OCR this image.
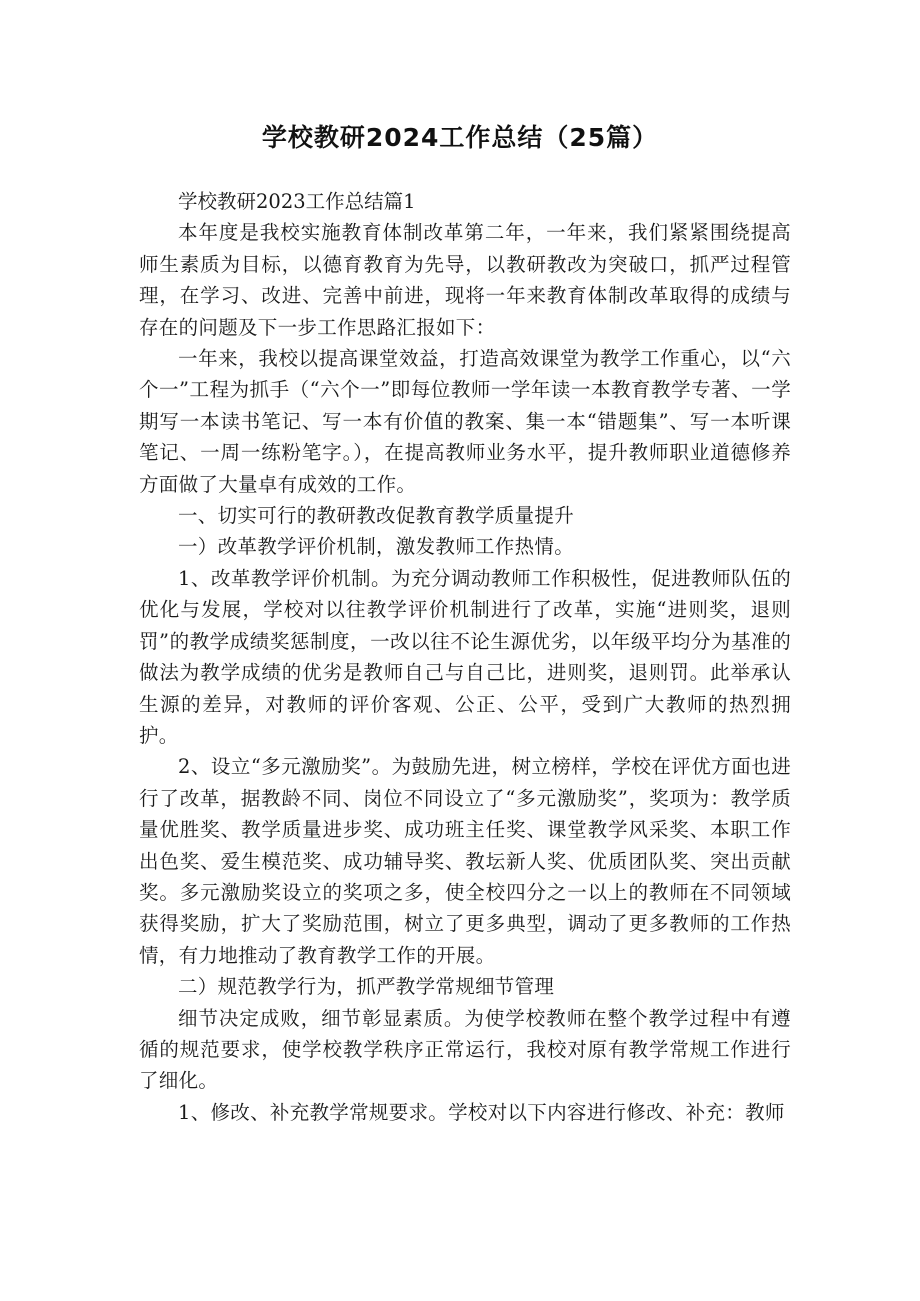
学校教研2024工作总结（25篇）

学校教研2023工作总结篇1

本年度是我校实施教育体制改革第二年，一年来，我们紧紧围绕提高师生素质为目标，以德育教育为先导，以教研教改为突破口，抓严过程管理，在学习、改进、完善中前进，现将一年来教育体制改革取得的成绩与存在的问题及下一步工作思路汇报如下：

一年来，我校以提高课堂效益，打造高效课堂为教学工作重心，以“六个一”工程为抓手（“六个一”即每位教师一学年读一本教育教学专著、一学期写一本读书笔记、写一本有价值的教案、集一本“错题集”、写一本听课笔记、一周一练粉笔字。），在提高教师业务水平，提升教师职业道德修养方面做了大量卓有成效的工作。

一、切实可行的教研教改促教育教学质量提升

一）改革教学评价机制，激发教师工作热情。

1、改革教学评价机制。为充分调动教师工作积极性，促进教师队伍的优化与发展，学校对以往教学评价机制进行了改革，实施“进则奖，退则罚”的教学成绩奖惩制度，一改以往不论生源优劣，以年级平均分为基准的做法为教学成绩的优劣是教师自己与自己比，进则奖，退则罚。此举承认生源的差异，对教师的评价客观、公正、公平，受到广大教师的热烈拥护。

2、设立“多元激励奖”。为鼓励先进，树立榜样，学校在评优方面也进行了改革，据教龄不同、岗位不同设立了“多元激励奖”，奖项为：教学质量优胜奖、教学质量进步奖、成功班主任奖、课堂教学风采奖、本职工作出色奖、爱生模范奖、成功辅导奖、教坛新人奖、优质团队奖、突出贡献奖。多元激励奖设立的奖项之多，使全校四分之一以上的教师在不同领域获得奖励，扩大了奖励范围，树立了更多典型，调动了更多教师的工作热情，有力地推动了教育教学工作的开展。

二）规范教学行为，抓严教学常规细节管理

细节决定成败，细节彰显素质。为使学校教师在整个教学过程中有遵循的规范要求，使学校教学秩序正常运行，我校对原有教学常规工作进行了细化。

1、修改、补充教学常规要求。学校对以下内容进行修改、补充：教师
